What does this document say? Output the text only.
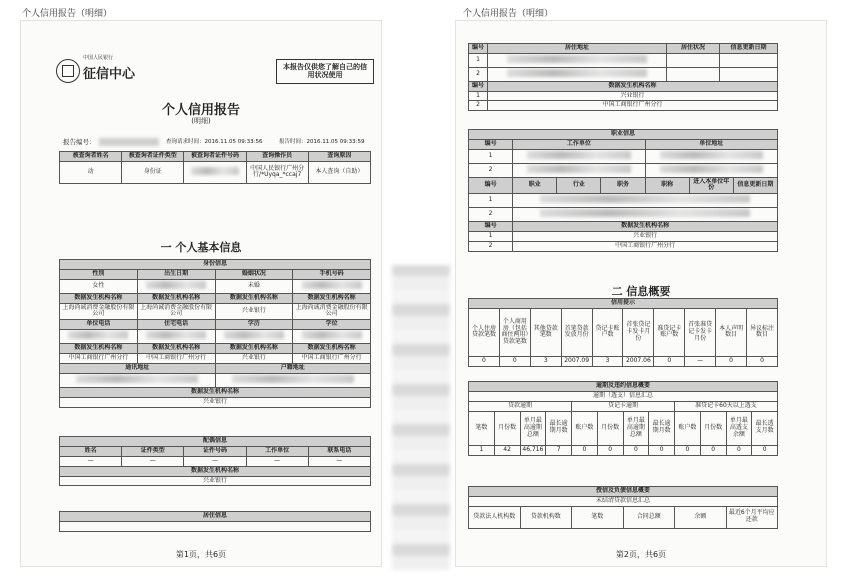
个人信用报告（明细）	个人信用报告（明细）
中国人民银行
征信中心	本报告仅供您了解自己的信用状况使用
个人信用报告
(明细)
报告编号：	查询请求时间：2016.11.05 09:33:56	报告时间：2016.11.05 09:33:59
被查询者姓名	被查询者证件类型	被查询者证件号码	查询操作员	查询原因
动	身份证		中国人民银行广州分行/*Uyqa_*ccaj7	本人查询（自助）
一 个人基本信息
身份信息			
性别	出生日期	婚姻状况	手机号码
女性		未婚	
数据发生机构名称	数据发生机构名称	数据发生机构名称	数据发生机构名称
上海尚诚消费金融股份有限公司	上海尚诚消费金融股份有限公司	兴业银行	上海尚诚消费金融股份有限公司
单位电话	住宅电话	学历	学位

数据发生机构名称	数据发生机构名称	数据发生机构名称	数据发生机构名称
中国工商银行广州分行	中国工商银行广州分行	兴业银行	中国工商银行广州分行
通讯地址		户籍地址	

数据发生机构名称			
兴业银行			
配偶信息				
姓名	证件类型	证件号码	工作单位	联系电话
—	—	—	—	—
数据发生机构名称				
兴业银行				
居住信息

第1页，共6页
编号	居住地址	居住状况	信息更新日期
1			
2			
编号	数据发生机构名称		
1	兴业银行		
2	中国工商银行广州分行		
职业信息						
编号	工作单位			单位地址		
1						
2						
编号	职业	行业	职务	职称	进入本单位年份	信息更新日期
1						
2						
编号	数据发生机构名称					
1	兴业银行					
2	中国工商银行广州分行					
二 信息概要
信用提示									
个人住房贷款笔数	个人商用房（包括商住两用）贷款笔数	其他贷款笔数	首笔贷款发放月份	贷记卡账户数	首张贷记卡发卡月份	准贷记卡账户数	首张准贷记卡发卡月份	本人声明数目	异议标注数目
0	0	3	2007.09	3	2007.06	0	—	0	0
逾期及违约信息概要											
逾期（透支）信息汇总											
贷款逾期				贷记卡逾期				准贷记卡60天以上透支			
笔数	月份数	单月最高逾期总额	最长逾期月数	账户数	月份数	单月最高逾期总额	最长逾期月数	账户数	月份数	单月最高透支余额	最长透支月数
1	42	46,716	7	0	0	0	0	0	0	0	0
授信及负债信息概要
未结清贷款信息汇总
贷款法人机构数	贷款机构数	笔数	合同总额	余额	最近6个月平均应还款
第2页，共6页
